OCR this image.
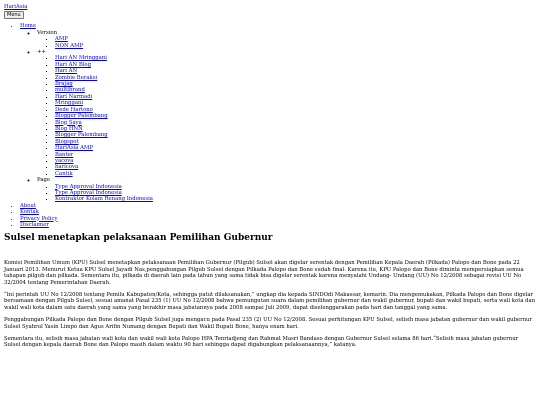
HariAsia
Menu
• Home
◦ Version
▪ AMP
▪ NON AMP
◦ ++
▪ Hari AN Mringgani
▪ Hari AN Blog
▪ Hari AN
▪ Zombie Beraksi
▪ Brajag
▪ multibrand
▪ Hari Narmadi
▪ Mringgani
▪ Dede Hartono
▪ Blogger Palembang
▪ Blog Saya
▪ Blog HNN
▪ Blogger Palembang
▪ Blogspot
▪ HariAsia AMP
▪ Banter
▪ yacova
▪ haricova
▪ Cantik
◦ Page
▪ Type Approval Indonesia
▪ Type Approval Indonesia
▪ Kontraktor Kolam Renang Indonesia
• About
• Kontak
• Privacy Policy
• Disclaimer
Sulsel menetapkan pelaksanaan Pemilihan Gubernur

Komisi Pemilihan Umum (KPU) Sulsel menetapkan pelaksanaan Pemilihan Gubernur (Pilgub) Sulsel akan digelar serentak dengan Pemilihan Kepala Daerah (Pilkada) Palopo dan Bone pada 22 Januari 2013. Menurut Ketua KPU Sulsel Jayadi Nas,penggabungan Pilgub Sulsel dengan Pilkada Palopo dan Bone sudah final. Karena itu, KPU Palopo dan Bone diminta mempersiapkan semua tahapan pilgub dan pilkada. Sementara itu, pilkada di daerah lain pada tahun yang sama tidak bisa digelar serentak karena menyalahi Undang- Undang (UU) No 12/2008 sebagai revisi UU No 32/2004 tentang Pemerintahan Daerah.

“Ini perintah UU No 12/2008 tentang Pemilu Kabupaten/Kota, sehingga patut dilaksanakan,” ungkap dia kepada SINDOdi Makassar, kemarin. Dia mengemukakan, Pilkada Palopo dan Bone digelar bersamaan dengan Pilgub Sulsel, sesuai amanat Pasal 235 (1) UU No 12/2008 bahwa pemungutan suara dalam pemilihan gubernur dan wakil gubernur, bupati dan wakil bupati, serta wali kota dan wakil wali kota dalam satu daerah yang sama yang berakhir masa jabatannya pada 2008 sampai Juli 2009, dapat diselenggarakan pada hari dan tanggal yang sama.

Penggabungan Pilkada Palopo dan Bone dengan Pilgub Sulsel juga mengacu pada Pasal 235 (2) UU No 12/2008. Sesuai perhitungan KPU Sulsel, selisih masa jabatan gubernur dan wakil gubernur Sulsel Syahrul Yasin Limpo dan Agus Arifin Numang dengan Bupati dan Wakil Bupati Bone, hanya enam hari.

Sementara itu, selisih masa jabatan wali kota dan wakil wali kota Palopo HPA Tenriadjeng dan Rahmat Masri Bandaso dengan Gubernur Sulsel selama 86 hari.“Selisih masa jabatan gubernur Sulsel dengan kepala daerah Bone dan Palopo masih dalam waktu 90 hari sehingga dapat digabungkan pelaksanaannya,” katanya.
